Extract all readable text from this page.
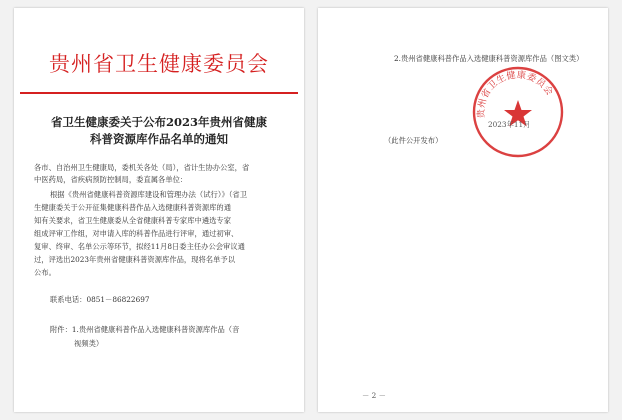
贵州省卫生健康委员会
省卫生健康委关于公布2023年贵州省健康
科普资源库作品名单的通知
各市、自治州卫生健康局，委机关各处（局），省计生协办公室，省
中医药局，省疾病预防控制局，委直属各单位：
根据《贵州省健康科普资源库建设和管理办法（试行）》（省卫
生健康委关于公开征集健康科普作品入选健康科普资源库的通
知有关要求，省卫生健康委从全省健康科普专家库中遴选专家
组成评审工作组，对申请入库的科普作品进行评审，通过初审、
复审、终审、名单公示等环节，拟经11月8日委主任办公会审议通
过，评选出2023年贵州省健康科普资源库作品，现将名单予以
公布。
联系电话：0851－86822697
附件：1.贵州省健康科普作品入选健康科普资源库作品（音
视频类）
2.贵州省健康科普作品入选健康科普资源库作品（图文类）
贵州省卫生健康委员会
2023年11月
（此件公开发布）
－ 2 －
